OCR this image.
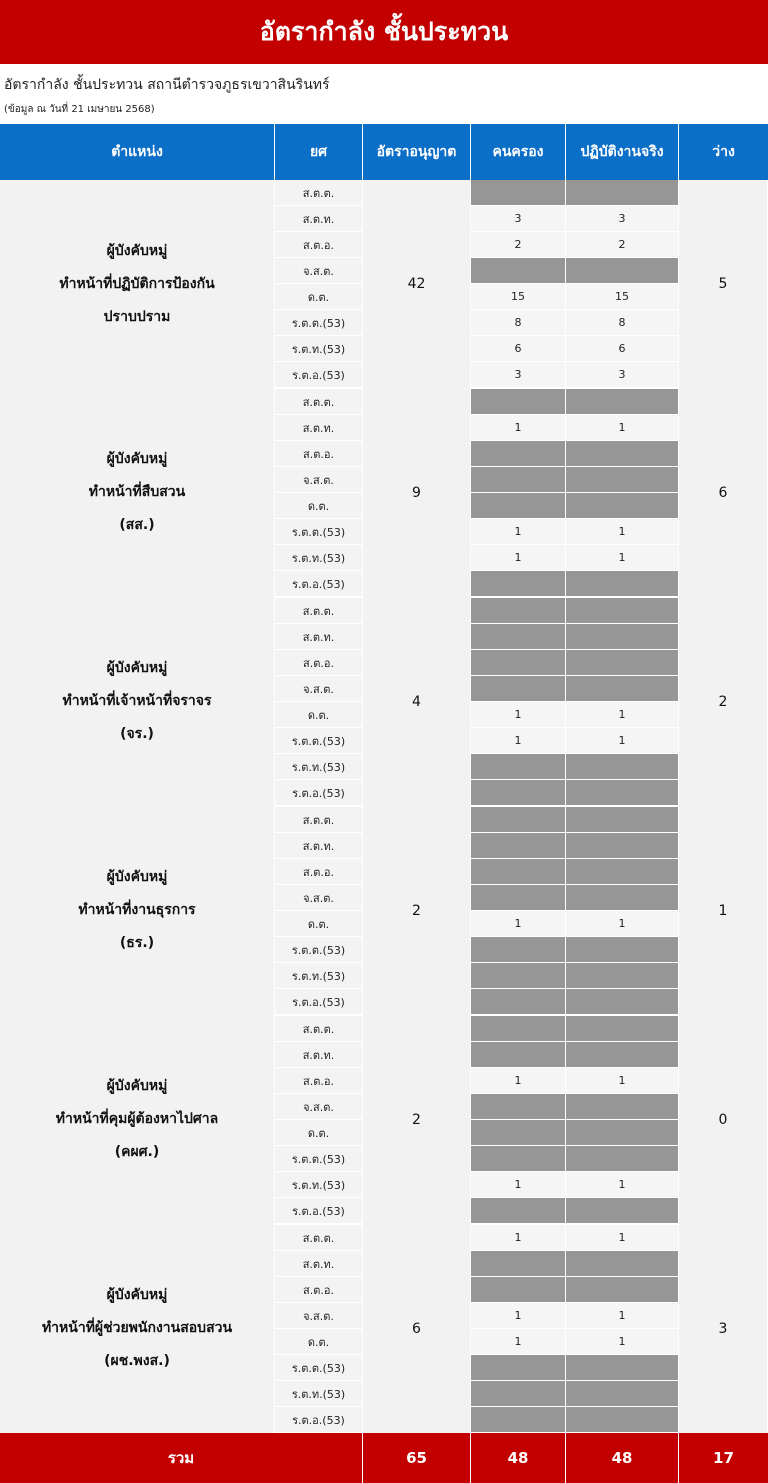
อัตรากำลัง ชั้นประทวน
อัตรากำลัง ชั้นประทวน สถานีตำรวจภูธรเขวาสินรินทร์
(ข้อมูล ณ วันที่ 21 เมษายน 2568)
ตำแหน่ง	ยศ	อัตราอนุญาต	คนครอง	ปฏิบัติงานจริง	ว่าง

ผู้บังคับหมู่
ทำหน้าที่ปฏิบัติการป้องกัน
ปราบปราม	ส.ต.ต.	42			5
	ส.ต.ท.		3	3	
	ส.ต.อ.		2	2	
	จ.ส.ต.				
	ด.ต.		15	15	
	ร.ต.ต.(53)		8	8	
	ร.ต.ท.(53)		6	6	
	ร.ต.อ.(53)		3	3	

ผู้บังคับหมู่
ทำหน้าที่สืบสวน
(สส.)	ส.ต.ต.	9			6
	ส.ต.ท.		1	1	
	ส.ต.อ.				
	จ.ส.ต.				
	ด.ต.				
	ร.ต.ต.(53)		1	1	
	ร.ต.ท.(53)		1	1	
	ร.ต.อ.(53)				

ผู้บังคับหมู่
ทำหน้าที่เจ้าหน้าที่จราจร
(จร.)	ส.ต.ต.	4			2
	ส.ต.ท.				
	ส.ต.อ.				
	จ.ส.ต.				
	ด.ต.		1	1	
	ร.ต.ต.(53)		1	1	
	ร.ต.ท.(53)				
	ร.ต.อ.(53)				

ผู้บังคับหมู่
ทำหน้าที่งานธุรการ
(ธร.)	ส.ต.ต.	2			1
	ส.ต.ท.				
	ส.ต.อ.				
	จ.ส.ต.				
	ด.ต.		1	1	
	ร.ต.ต.(53)				
	ร.ต.ท.(53)				
	ร.ต.อ.(53)				

ผู้บังคับหมู่
ทำหน้าที่คุมผู้ต้องหาไปศาล
(คผศ.)	ส.ต.ต.	2			0
	ส.ต.ท.				
	ส.ต.อ.		1	1	
	จ.ส.ต.				
	ด.ต.				
	ร.ต.ต.(53)				
	ร.ต.ท.(53)		1	1	
	ร.ต.อ.(53)				

ผู้บังคับหมู่
ทำหน้าที่ผู้ช่วยพนักงานสอบสวน
(ผช.พงส.)	ส.ต.ต.	6	1	1	3
	ส.ต.ท.				
	ส.ต.อ.				
	จ.ส.ต.		1	1	
	ด.ต.		1	1	
	ร.ต.ต.(53)				
	ร.ต.ท.(53)				
	ร.ต.อ.(53)				
รวม		65	48	48	17
